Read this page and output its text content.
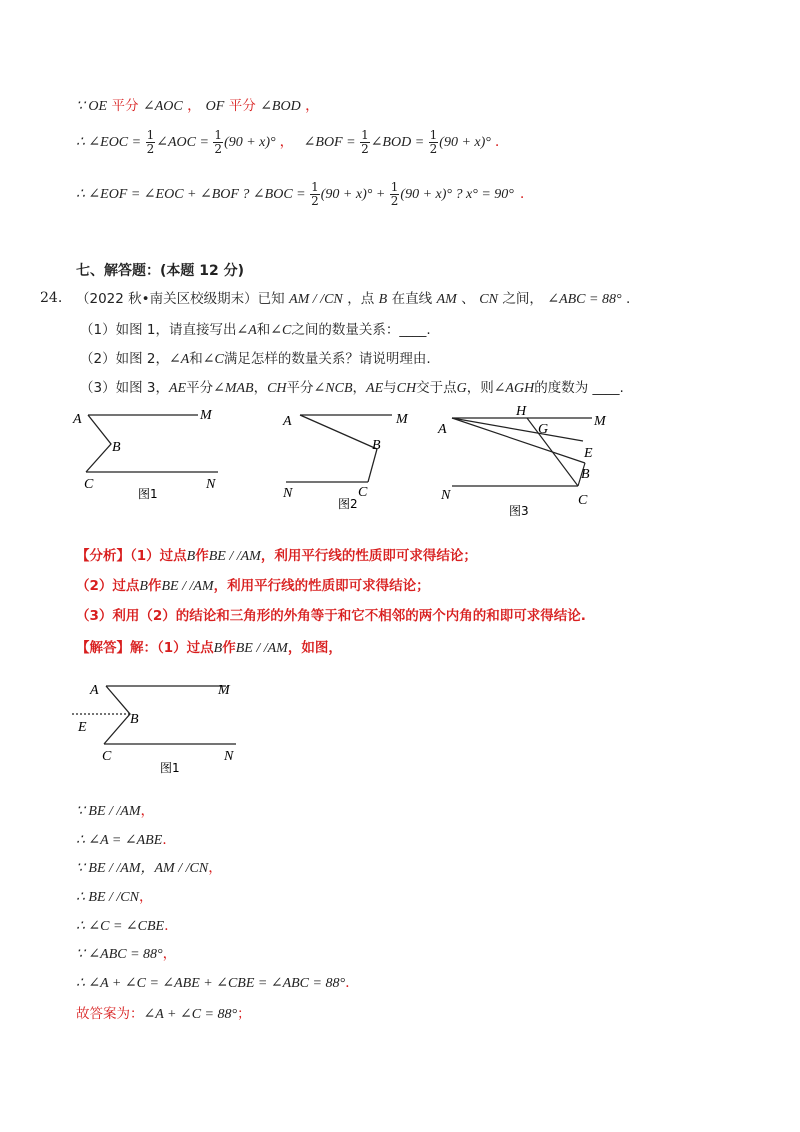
∵ OE 平分 ∠AOC ， OF 平分 ∠BOD ，
∴ ∠EOC = $\frac{1}{2}$ ∠AOC = $\frac{1}{2} (90 + x)^\circ$ ， ∠BOF = $\frac{1}{2}$ ∠BOD = $\frac{1}{2} (90 + x)^\circ$ .
∴ ∠EOF = ∠EOC + ∠BOF ? ∠BOC = $\frac{1}{2} (90 + x)^\circ + \frac{1}{2} (90 + x)^\circ$ ? x° = 90° .
七、解答题：(本题 12 分)
24. （2022 秋•南关区校级期末）已知 AM / /CN ，点 B 在直线 AM 、 CN 之间， ∠ABC = 88° .
（1）如图 1，请直接写出∠A和∠C之间的数量关系：____.
（2）如图 2，∠A和∠C满足怎样的数量关系？请说明理由.
（3）如图 3，AE平分∠MAB，CH平分∠NCB，AE与CH交于点G，则∠AGH的度数为 ____.
A	M
B
C	N
图1
A	M
B
N	C
图2
H
A	G
M
E
B
N	C
图3
【分析】（1）过点B作BE / /AM，利用平行线的性质即可求得结论；
（2）过点B作BE / /AM，利用平行线的性质即可求得结论；
（3）利用（2）的结论和三角形的外角等于和它不相邻的两个内角的和即可求得结论.
【解答】解：（1）过点B作BE / /AM，如图，
A	M
E
B
C	N
图1
∵ BE / /AM，
∴ ∠A = ∠ABE.
∵ BE / /AM，AM / /CN，
∴ BE / /CN，
∴ ∠C = ∠CBE.
∵ ∠ABC = 88°，
∴ ∠A + ∠C = ∠ABE + ∠CBE = ∠ABC = 88°.
故答案为：∠A + ∠C = 88°；
